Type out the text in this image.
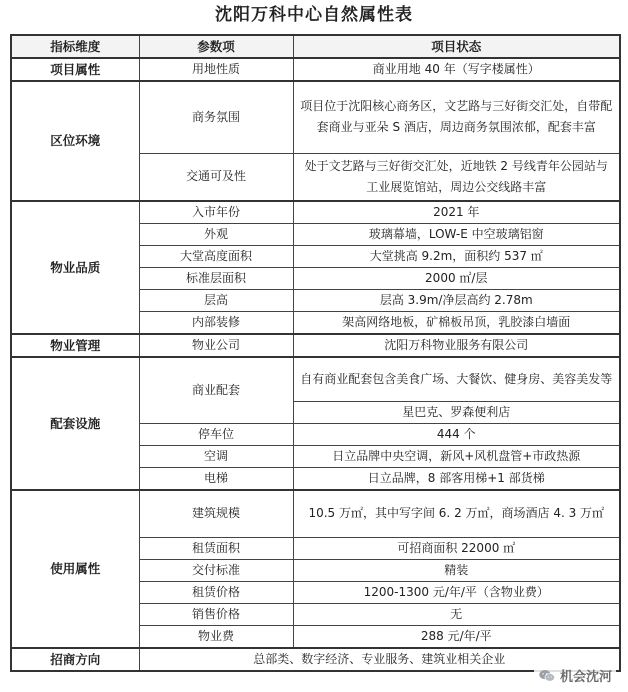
沈阳万科中心自然属性表
指标维度	参数项	项目状态
项目属性	用地性质	商业用地 40 年（写字楼属性）
区位环境	商务氛围	项目位于沈阳核心商务区，文艺路与三好街交汇处，自带配套商业与亚朵 S 酒店，周边商务氛围浓郁，配套丰富
	交通可及性	处于文艺路与三好街交汇处，近地铁 2 号线青年公园站与工业展览馆站，周边公交线路丰富
物业品质	入市年份	2021 年
	外观	玻璃幕墙，LOW-E 中空玻璃铝窗
	大堂高度面积	大堂挑高 9.2m，面积约 537 ㎡
	标准层面积	2000 ㎡/层
	层高	层高 3.9m/净层高约 2.78m
	内部装修	架高网络地板，矿棉板吊顶，乳胶漆白墙面
物业管理	物业公司	沈阳万科物业服务有限公司
配套设施	商业配套	自有商业配套包含美食广场、大餐饮、健身房、美容美发等
		星巴克、罗森便利店
	停车位	444 个
	空调	日立品牌中央空调，新风+风机盘管+市政热源
	电梯	日立品牌，8 部客用梯+1 部货梯
使用属性	建筑规模	10.5 万㎡，其中写字间 6. 2 万㎡，商场酒店 4. 3 万㎡
	租赁面积	可招商面积 22000 ㎡
	交付标准	精装
	租赁价格	1200-1300 元/年/平（含物业费）
	销售价格	无
	物业费	288 元/年/平
招商方向	总部类、数字经济、专业服务、建筑业相关企业	
机会沈河
